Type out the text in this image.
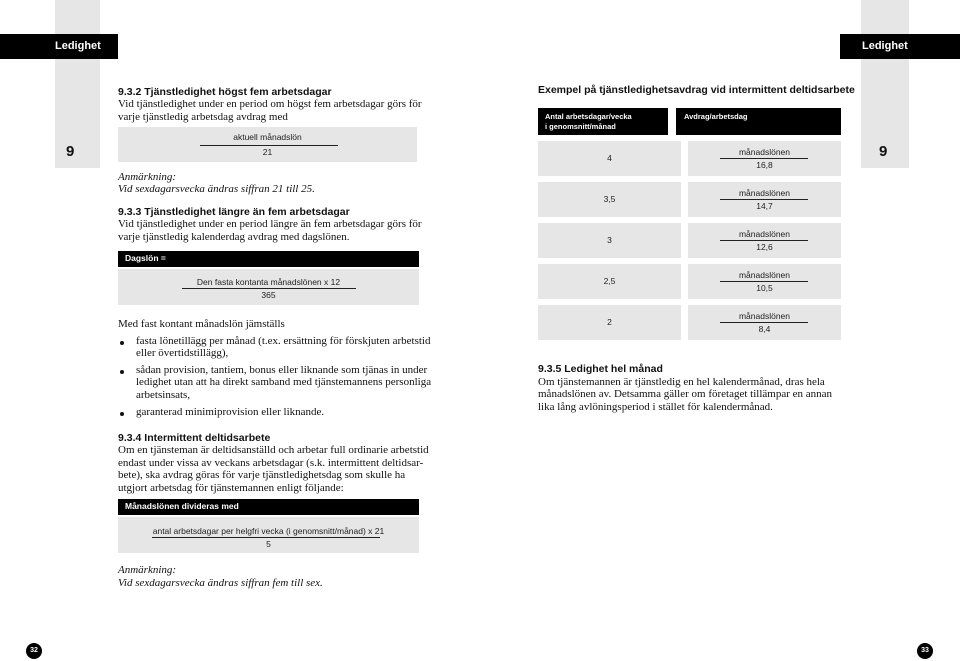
Ledighet	Ledighet
9	9
9.3.2 Tjänstledighet högst fem arbetsdagar
Vid tjänstledighet under en period om högst fem arbetsdagar görs för
varje tjänstledig arbetsdag avdrag med
aktuell månadslön
21
Anmärkning:
Vid sexdagarsvecka ändras siffran 21 till 25.
9.3.3 Tjänstledighet längre än fem arbetsdagar
Vid tjänstledighet under en period längre än fem arbetsdagar görs för
varje tjänstledig kalenderdag avdrag med dagslönen.
Dagslön =
Den fasta kontanta månadslönen x 12
365
Med fast kontant månadslön jämställs
fasta lönetillägg per månad (t.ex. ersättning för förskjuten arbetstid
eller övertidstillägg),
sådan provision, tantiem, bonus eller liknande som tjänas in under
ledighet utan att ha direkt samband med tjänstemannens personliga
arbetsinsats,
garanterad minimiprovision eller liknande.
9.3.4 Intermittent deltidsarbete
Om en tjänsteman är deltidsanställd och arbetar full ordinarie arbetstid
endast under vissa av veckans arbetsdagar (s.k. intermittent deltidsar-
bete), ska avdrag göras för varje tjänstledighetsdag som skulle ha
utgjort arbetsdag för tjänstemannen enligt följande:
Månadslönen divideras med
antal arbetsdagar per helgfri vecka (i genomsnitt/månad) x 21
5
Anmärkning:
Vid sexdagarsvecka ändras siffran fem till sex.
32
Exempel på tjänstledighetsavdrag vid intermittent deltidsarbete
Antal arbetsdagar/vecka
i genomsnitt/månad
Avdrag/arbetsdag
4
månadslönen
16,8
3,5
månadslönen
14,7
3
månadslönen
12,6
2,5
månadslönen
10,5
2
månadslönen
8,4
9.3.5 Ledighet hel månad
Om tjänstemannen är tjänstledig en hel kalendermånad, dras hela
månadslönen av. Detsamma gäller om företaget tillämpar en annan
lika lång avlöningsperiod i stället för kalendermånad.
33
